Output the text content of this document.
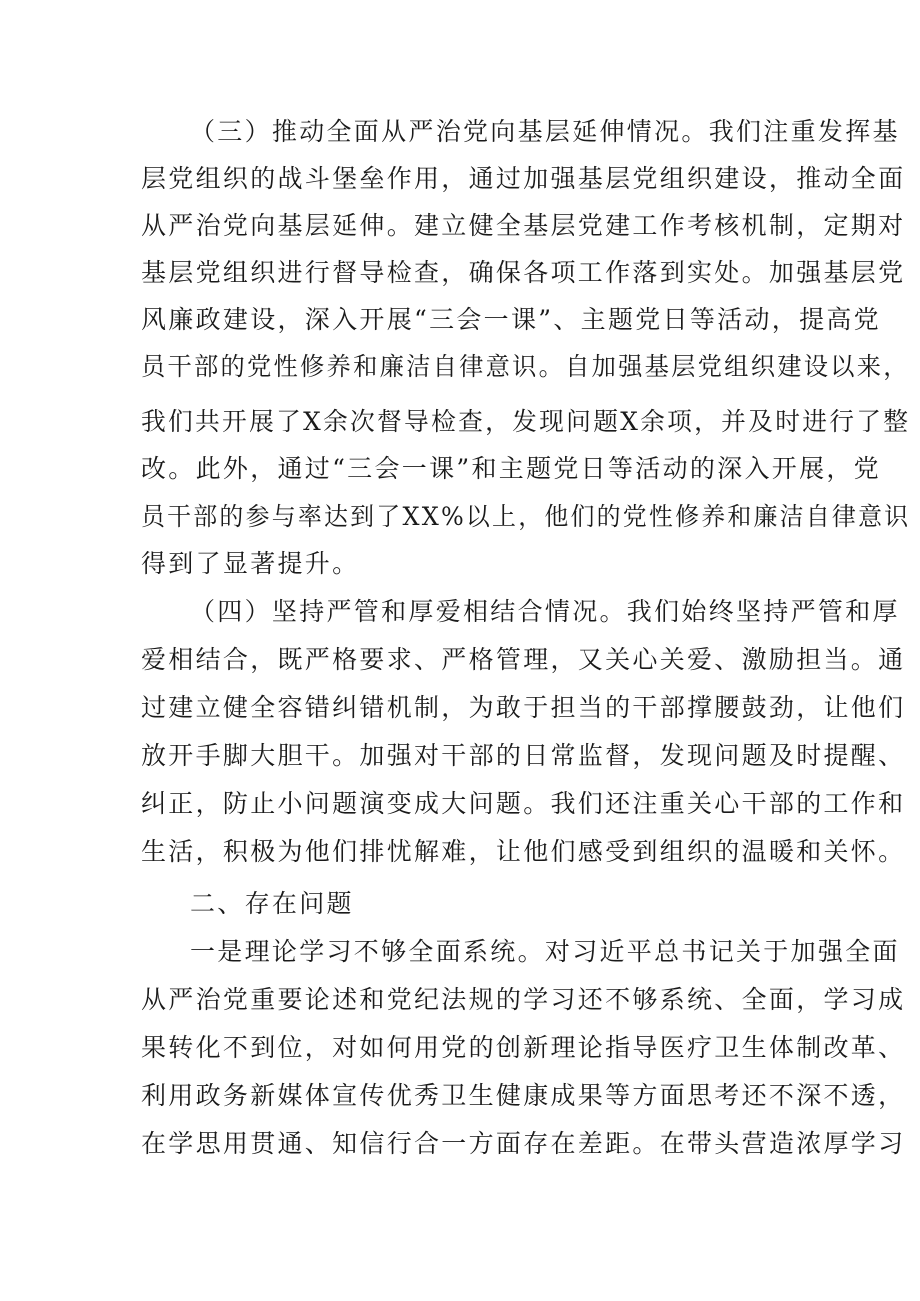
（三）推动全面从严治党向基层延伸情况。我们注重发挥基
层党组织的战斗堡垒作用，通过加强基层党组织建设，推动全面
从严治党向基层延伸。建立健全基层党建工作考核机制，定期对
基层党组织进行督导检查，确保各项工作落到实处。加强基层党
风廉政建设，深入开展“三会一课”、主题党日等活动，提高党
员干部的党性修养和廉洁自律意识。自加强基层党组织建设以来，
我们共开展了X余次督导检查，发现问题X余项，并及时进行了整
改。此外，通过“三会一课”和主题党日等活动的深入开展，党
员干部的参与率达到了XX%以上，他们的党性修养和廉洁自律意识
得到了显著提升。
（四）坚持严管和厚爱相结合情况。我们始终坚持严管和厚
爱相结合，既严格要求、严格管理，又关心关爱、激励担当。通
过建立健全容错纠错机制，为敢于担当的干部撑腰鼓劲，让他们
放开手脚大胆干。加强对干部的日常监督，发现问题及时提醒、
纠正，防止小问题演变成大问题。我们还注重关心干部的工作和
生活，积极为他们排忧解难，让他们感受到组织的温暖和关怀。
二、存在问题
一是理论学习不够全面系统。对习近平总书记关于加强全面
从严治党重要论述和党纪法规的学习还不够系统、全面，学习成
果转化不到位，对如何用党的创新理论指导医疗卫生体制改革、
利用政务新媒体宣传优秀卫生健康成果等方面思考还不深不透，
在学思用贯通、知信行合一方面存在差距。在带头营造浓厚学习
